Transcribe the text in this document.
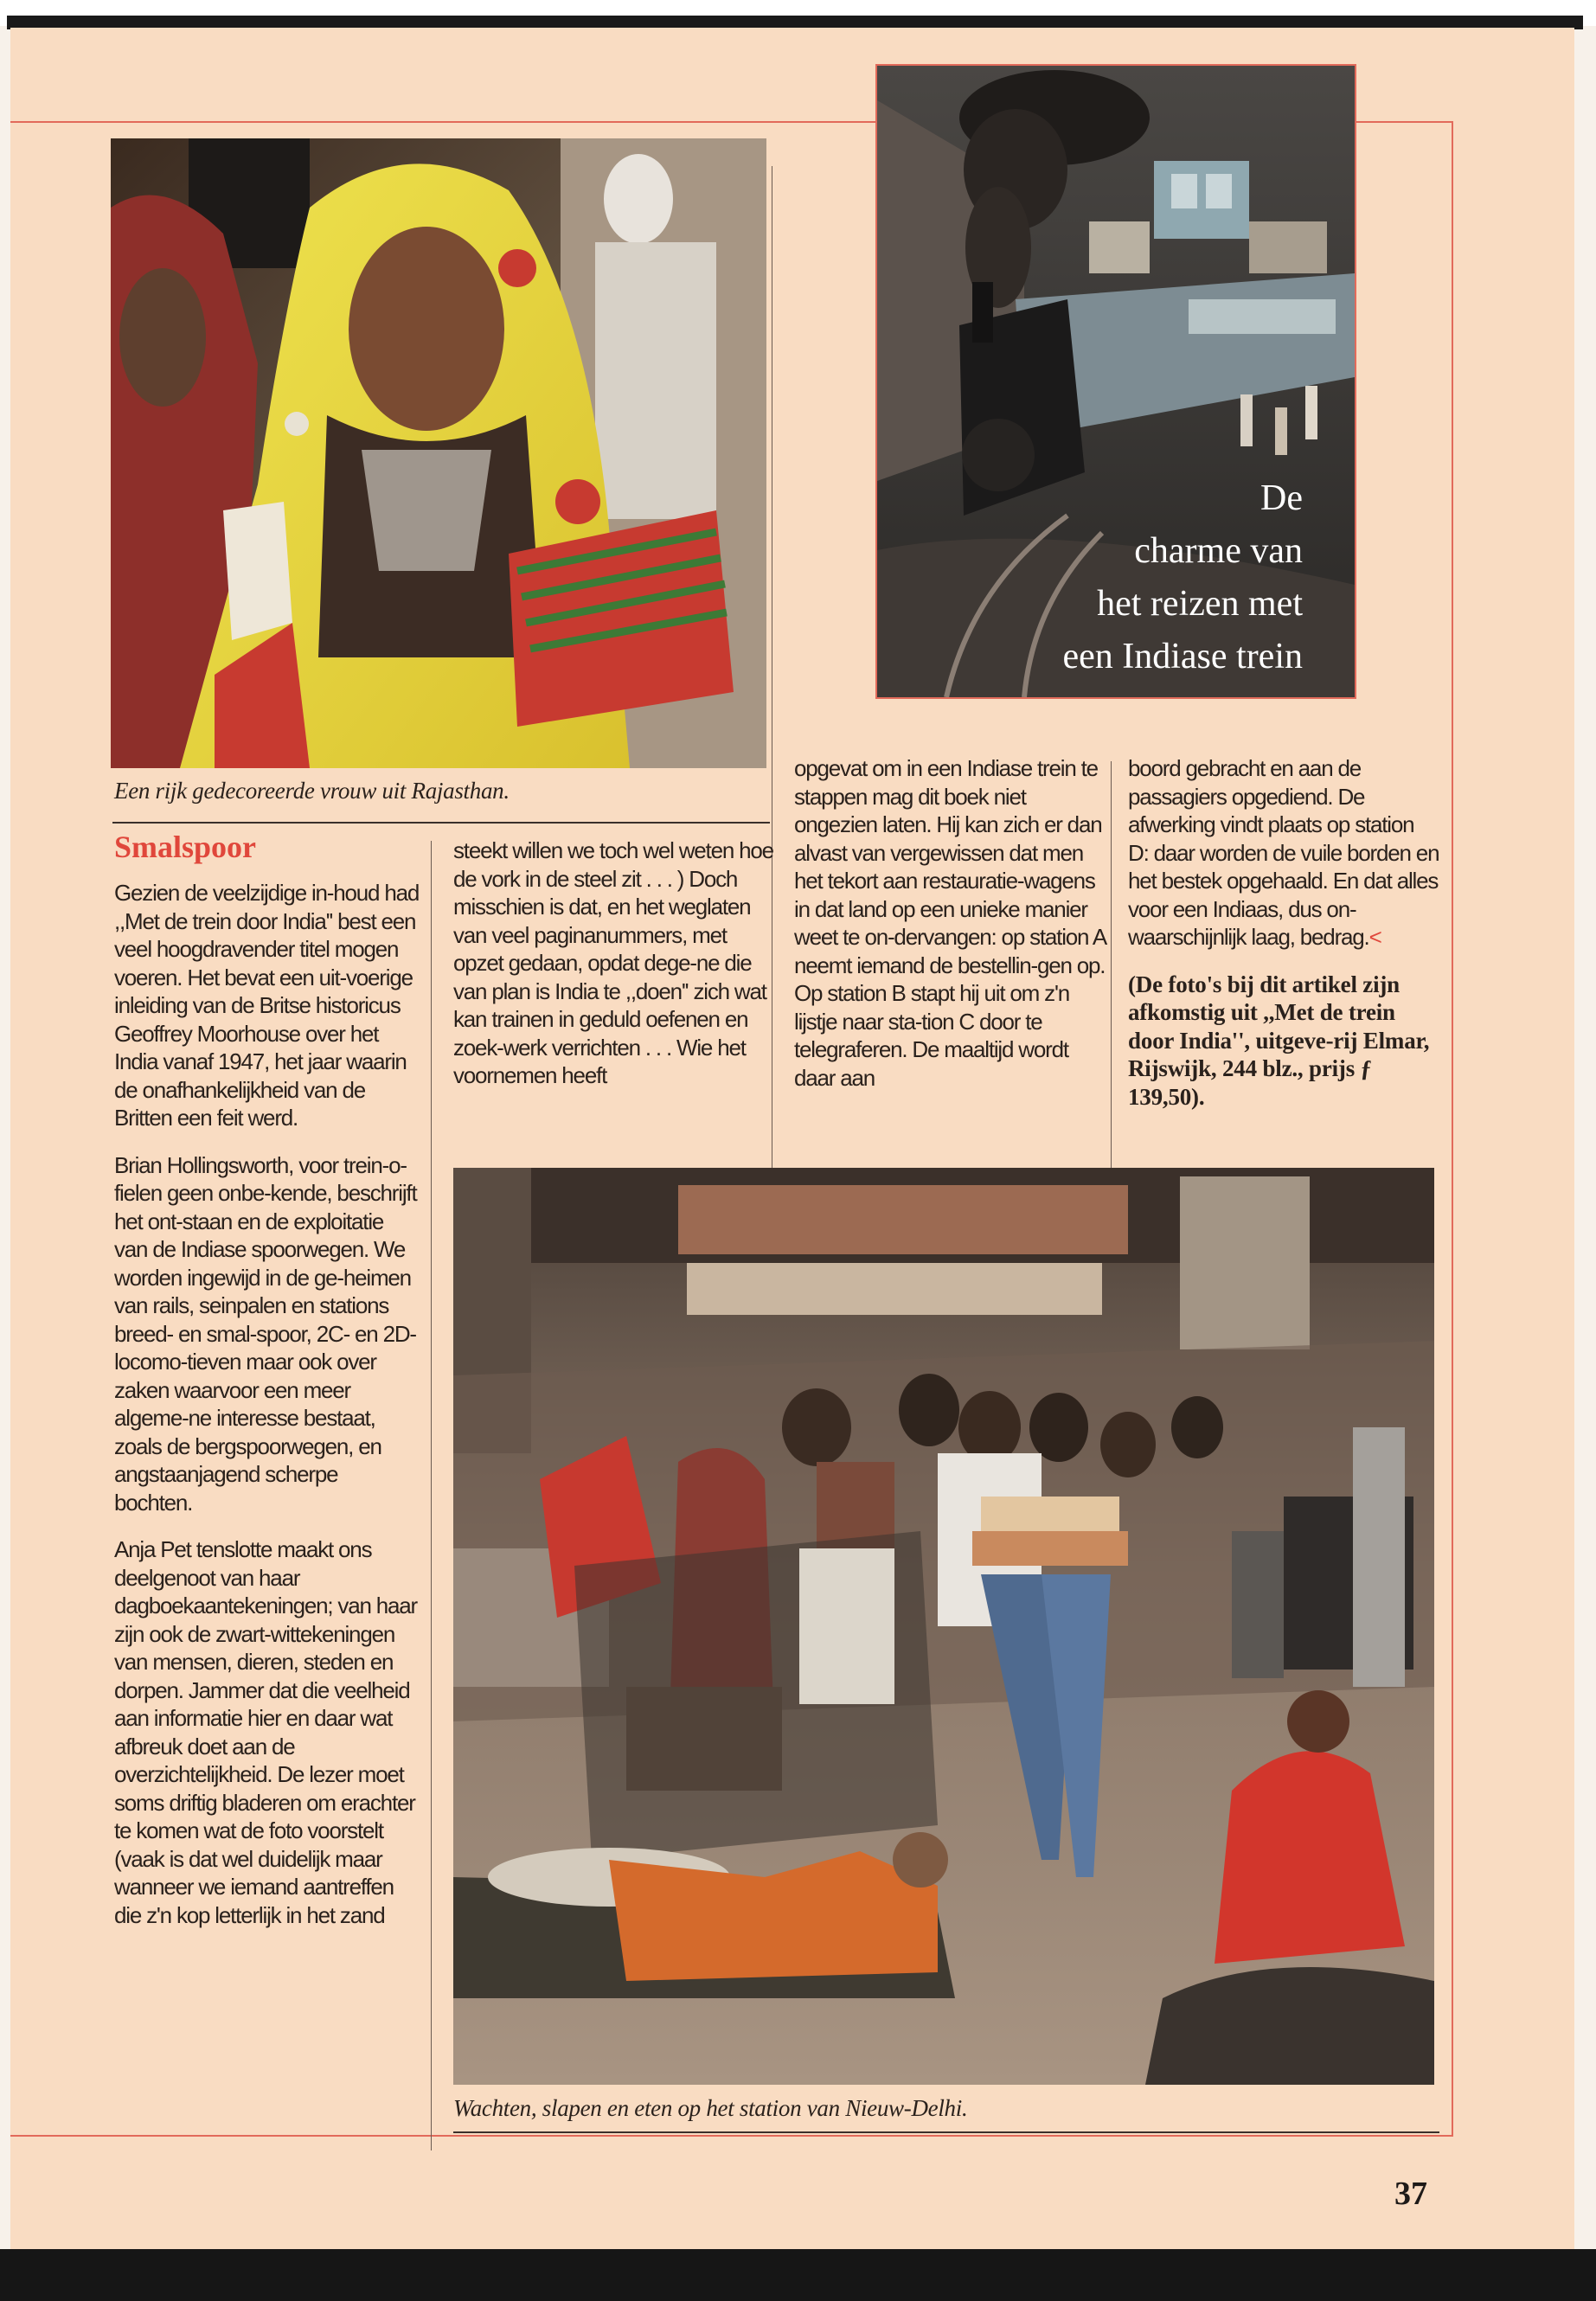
De
charme van
het reizen met
een Indiase trein

Een rijk gedecoreerde vrouw uit Rajasthan.

Smalspoor

Gezien de veelzijdige in-houd had ,,Met de trein door India'' best een veel hoogdravender titel mogen voeren. Het bevat een uit-voerige inleiding van de Britse historicus Geoffrey Moorhouse over het India vanaf 1947, het jaar waarin de onafhankelijkheid van de Britten een feit werd.

Brian Hollingsworth, voor trein-o-fielen geen onbe-kende, beschrijft het ont-staan en de exploitatie van de Indiase spoorwegen. We worden ingewijd in de ge-heimen van rails, seinpalen en stations breed- en smal-spoor, 2C- en 2D-locomo-tieven maar ook over zaken waarvoor een meer algeme-ne interesse bestaat, zoals de bergspoorwegen, en angstaanjagend scherpe bochten.

Anja Pet tenslotte maakt ons deelgenoot van haar dagboekaantekeningen; van haar zijn ook de zwart-wittekeningen van mensen, dieren, steden en dorpen. Jammer dat die veelheid aan informatie hier en daar wat afbreuk doet aan de overzichtelijkheid. De lezer moet soms driftig bladeren om erachter te komen wat de foto voorstelt (vaak is dat wel duidelijk maar wanneer we iemand aantreffen die z'n kop letterlijk in het zand

steekt willen we toch wel weten hoe de vork in de steel zit . . . ) Doch misschien is dat, en het weglaten van veel paginanummers, met opzet gedaan, opdat dege-ne die van plan is India te ,,doen'' zich wat kan trainen in geduld oefenen en zoek-werk verrichten . . . Wie het voornemen heeft

opgevat om in een Indiase trein te stappen mag dit boek niet ongezien laten. Hij kan zich er dan alvast van vergewissen dat men het tekort aan restauratie-wagens in dat land op een unieke manier weet te on-dervangen: op station A neemt iemand de bestellin-gen op. Op station B stapt hij uit om z'n lijstje naar sta-tion C door te telegraferen. De maaltijd wordt daar aan

boord gebracht en aan de passagiers opgediend. De afwerking vindt plaats op station D: daar worden de vuile borden en het bestek opgehaald. En dat alles voor een Indiaas, dus on-waarschijnlijk laag, bedrag.<

(De foto's bij dit artikel zijn afkomstig uit ,,Met de trein door India'', uitgeve-rij Elmar, Rijswijk, 244 blz., prijs ƒ 139,50).

Wachten, slapen en eten op het station van Nieuw-Delhi.

37
